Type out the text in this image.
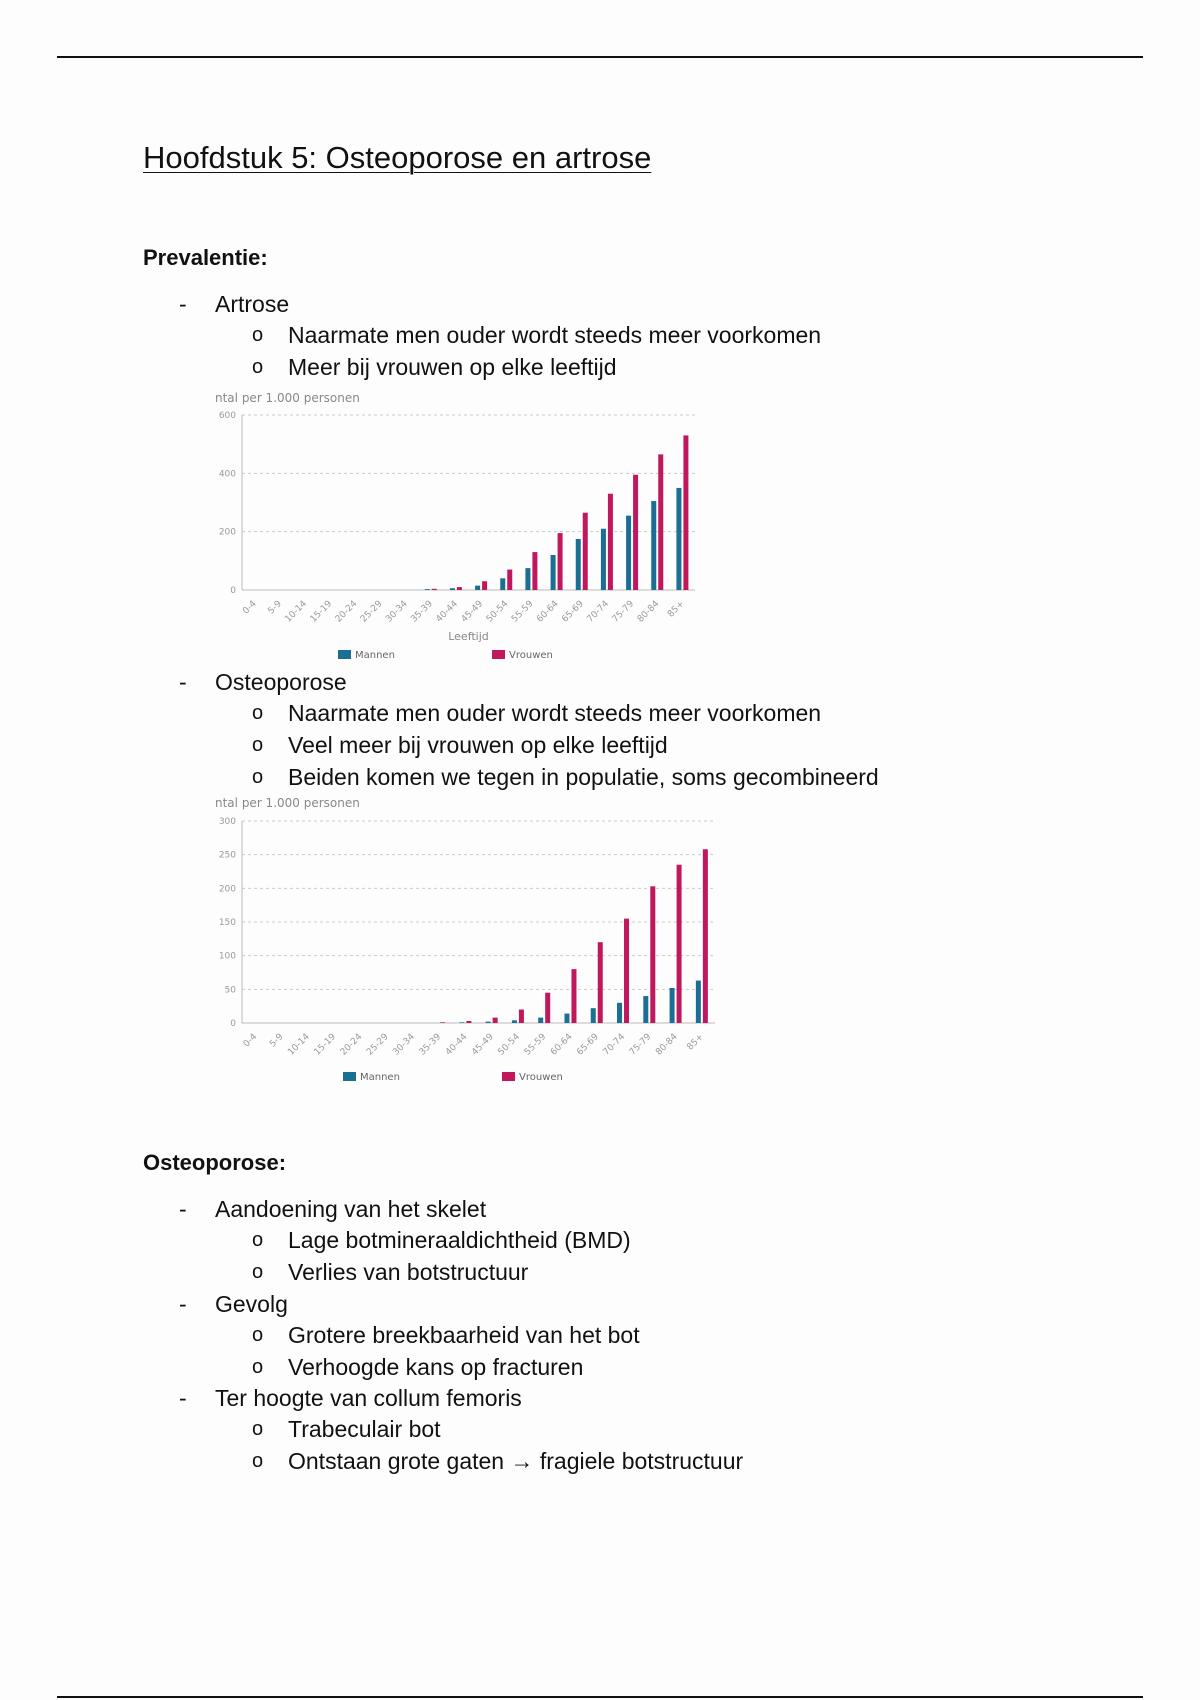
Hoofdstuk 5: Osteoporose en artrose
Prevalentie:
- Artrose
o Naarmate men ouder wordt steeds meer voorkomen
o Meer bij vrouwen op elke leeftijd
ntal per 1.000 personen
0
200
400
600
0-4 5-9 10-14 15-19 20-24 25-29 30-34 35-39 40-44 45-49 50-54 55-59 60-64 65-69 70-74 75-79 80-84 85+
Leeftijd
Mannen	Vrouwen
- Osteoporose
o Naarmate men ouder wordt steeds meer voorkomen
o Veel meer bij vrouwen op elke leeftijd
o Beiden komen we tegen in populatie, soms gecombineerd
ntal per 1.000 personen
0
50
100
150
200
250
300
0-4 5-9 10-14 15-19 20-24 25-29 30-34 35-39 40-44 45-49 50-54 55-59 60-64 65-69 70-74 75-79 80-84 85+
Mannen	Vrouwen
Osteoporose:
- Aandoening van het skelet
o Lage botmineraaldichtheid (BMD)
o Verlies van botstructuur
- Gevolg
o Grotere breekbaarheid van het bot
o Verhoogde kans op fracturen
- Ter hoogte van collum femoris
o Trabeculair bot
o Ontstaan grote gaten → fragiele botstructuur
